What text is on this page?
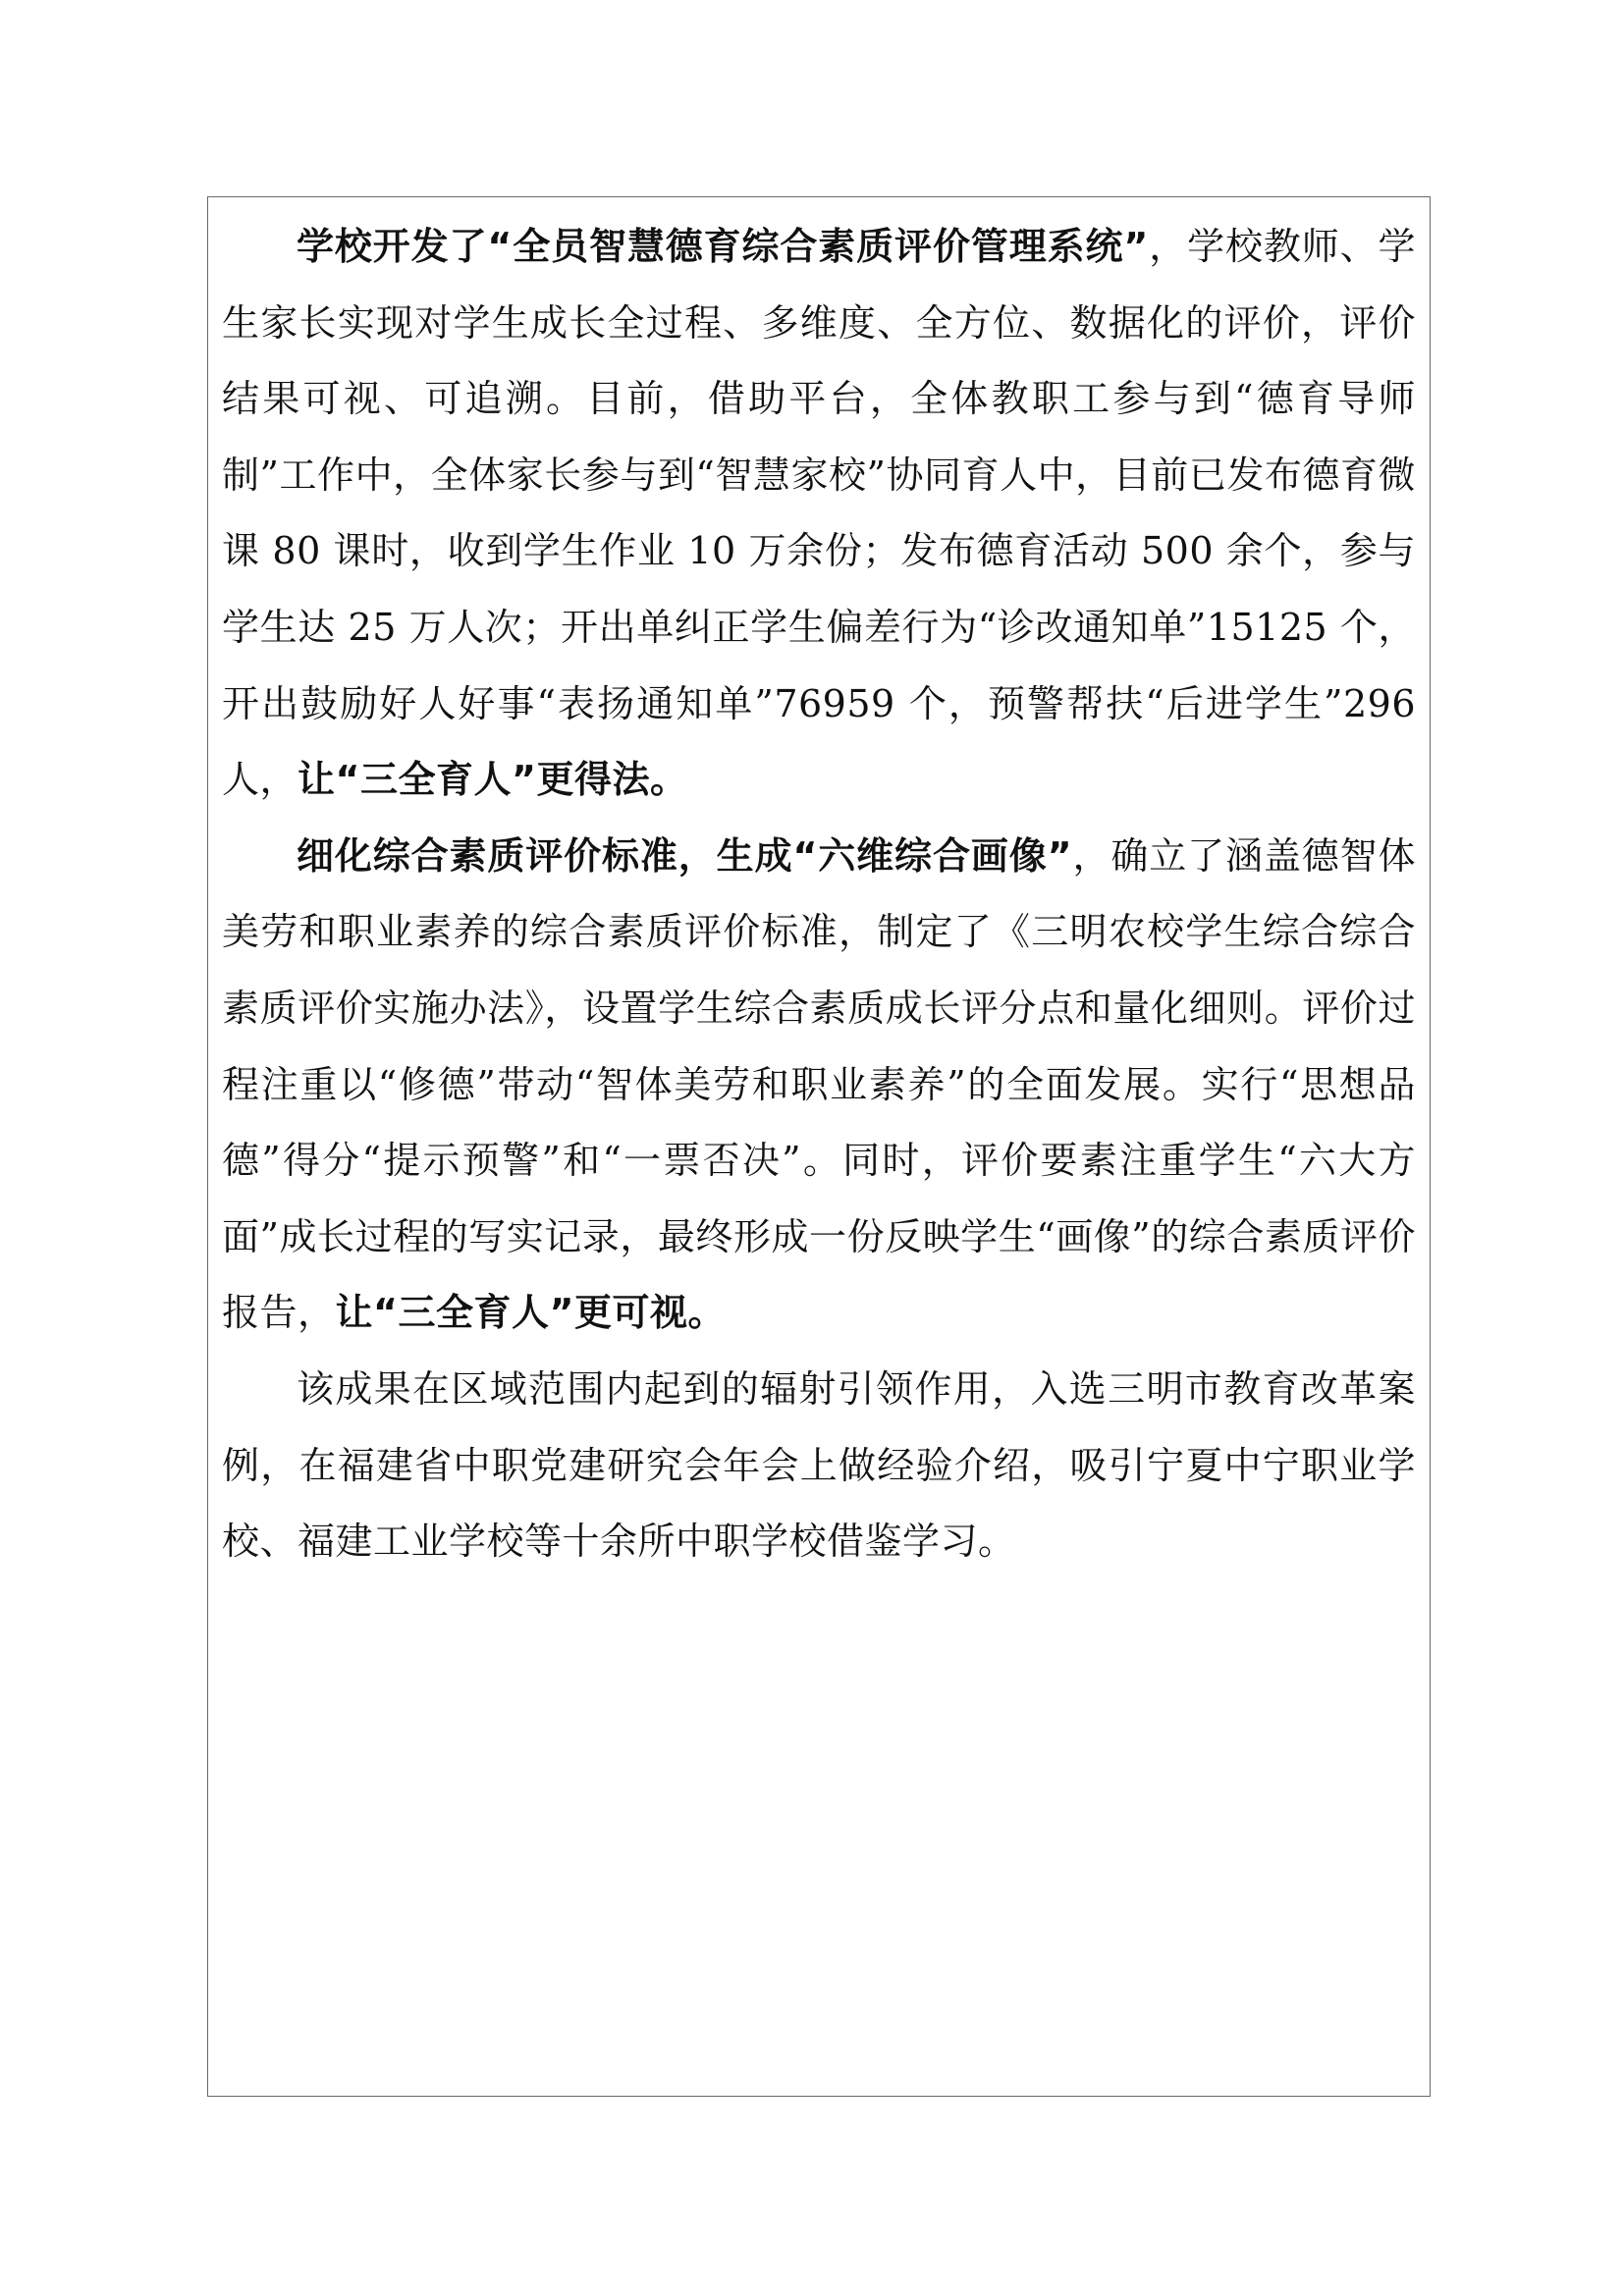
学校开发了“全员智慧德育综合素质评价管理系统”，学校教师、学生家长实现对学生成长全过程、多维度、全方位、数据化的评价，评价结果可视、可追溯。目前，借助平台，全体教职工参与到“德育导师制”工作中，全体家长参与到“智慧家校”协同育人中，目前已发布德育微课 80 课时，收到学生作业 10 万余份；发布德育活动 500 余个，参与学生达 25 万人次；开出单纠正学生偏差行为“诊改通知单”15125 个，开出鼓励好人好事“表扬通知单”76959 个，预警帮扶“后进学生”296 人，让“三全育人”更得法。

细化综合素质评价标准，生成“六维综合画像”，确立了涵盖德智体美劳和职业素养的综合素质评价标准，制定了《三明农校学生综合综合素质评价实施办法》，设置学生综合素质成长评分点和量化细则。评价过程注重以“修德”带动“智体美劳和职业素养”的全面发展。实行“思想品德”得分“提示预警”和“一票否决”。同时，评价要素注重学生“六大方面”成长过程的写实记录，最终形成一份反映学生“画像”的综合素质评价报告，让“三全育人”更可视。

该成果在区域范围内起到的辐射引领作用，入选三明市教育改革案例，在福建省中职党建研究会年会上做经验介绍，吸引宁夏中宁职业学校、福建工业学校等十余所中职学校借鉴学习。
